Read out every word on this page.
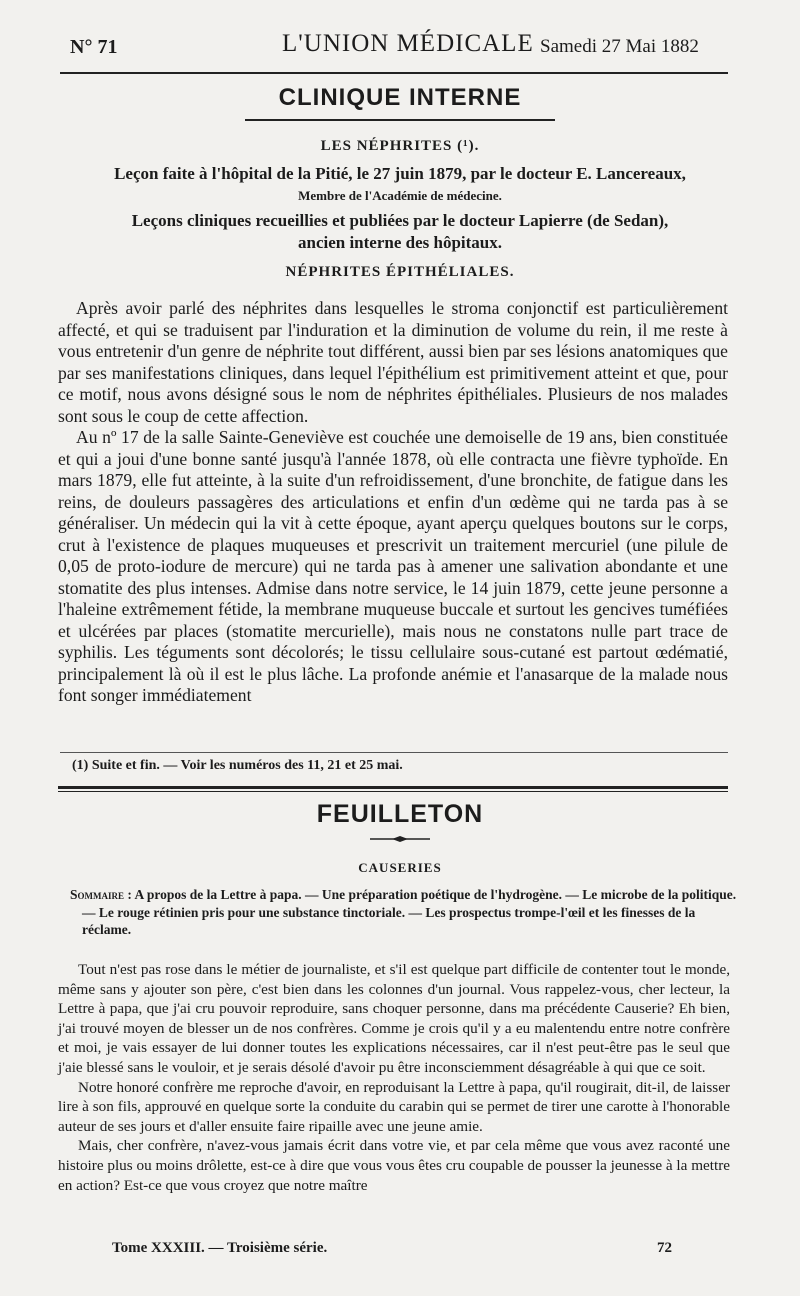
N° 71	L'UNION MÉDICALE Samedi 27 Mai 1882
CLINIQUE INTERNE
LES NÉPHRITES (¹).
Leçon faite à l'hôpital de la Pitié, le 27 juin 1879, par le docteur E. Lancereaux,
Membre de l'Académie de médecine.
Leçons cliniques recueillies et publiées par le docteur Lapierre (de Sedan),
ancien interne des hôpitaux.
NÉPHRITES ÉPITHÉLIALES.

Après avoir parlé des néphrites dans lesquelles le stroma conjonctif est particulièrement affecté, et qui se traduisent par l'induration et la diminution de volume du rein, il me reste à vous entretenir d'un genre de néphrite tout différent, aussi bien par ses lésions anatomiques que par ses manifestations cliniques, dans lequel l'épithélium est primitivement atteint et que, pour ce motif, nous avons désigné sous le nom de néphrites épithéliales. Plusieurs de nos malades sont sous le coup de cette affection.

Au nº 17 de la salle Sainte-Geneviève est couchée une demoiselle de 19 ans, bien constituée et qui a joui d'une bonne santé jusqu'à l'année 1878, où elle contracta une fièvre typhoïde. En mars 1879, elle fut atteinte, à la suite d'un refroidissement, d'une bronchite, de fatigue dans les reins, de douleurs passagères des articulations et enfin d'un œdème qui ne tarda pas à se généraliser. Un médecin qui la vit à cette époque, ayant aperçu quelques boutons sur le corps, crut à l'existence de plaques muqueuses et prescrivit un traitement mercuriel (une pilule de 0,05 de proto-iodure de mercure) qui ne tarda pas à amener une salivation abondante et une stomatite des plus intenses. Admise dans notre service, le 14 juin 1879, cette jeune personne a l'haleine extrêmement fétide, la membrane muqueuse buccale et surtout les gencives tuméfiées et ulcérées par places (stomatite mercurielle), mais nous ne constatons nulle part trace de syphilis. Les téguments sont décolorés; le tissu cellulaire sous-cutané est partout œdématié, principalement là où il est le plus lâche. La profonde anémie et l'anasarque de la malade nous font songer immédiatement

(1) Suite et fin. — Voir les numéros des 11, 21 et 25 mai.
FEUILLETON
CAUSERIES
Sommaire : A propos de la Lettre à papa. — Une préparation poétique de l'hydrogène. — Le microbe de la politique. — Le rouge rétinien pris pour une substance tinctoriale. — Les prospectus trompe-l'œil et les finesses de la réclame.

Tout n'est pas rose dans le métier de journaliste, et s'il est quelque part difficile de contenter tout le monde, même sans y ajouter son père, c'est bien dans les colonnes d'un journal. Vous rappelez-vous, cher lecteur, la Lettre à papa, que j'ai cru pouvoir reproduire, sans choquer personne, dans ma précédente Causerie? Eh bien, j'ai trouvé moyen de blesser un de nos confrères. Comme je crois qu'il y a eu malentendu entre notre confrère et moi, je vais essayer de lui donner toutes les explications nécessaires, car il n'est peut-être pas le seul que j'aie blessé sans le vouloir, et je serais désolé d'avoir pu être inconsciemment désagréable à qui que ce soit.

Notre honoré confrère me reproche d'avoir, en reproduisant la Lettre à papa, qu'il rougirait, dit-il, de laisser lire à son fils, approuvé en quelque sorte la conduite du carabin qui se permet de tirer une carotte à l'honorable auteur de ses jours et d'aller ensuite faire ripaille avec une jeune amie.

Mais, cher confrère, n'avez-vous jamais écrit dans votre vie, et par cela même que vous avez raconté une histoire plus ou moins drôlette, est-ce à dire que vous vous êtes cru coupable de pousser la jeunesse à la mettre en action? Est-ce que vous croyez que notre maître

Tome XXXIII. — Troisième série.	72
